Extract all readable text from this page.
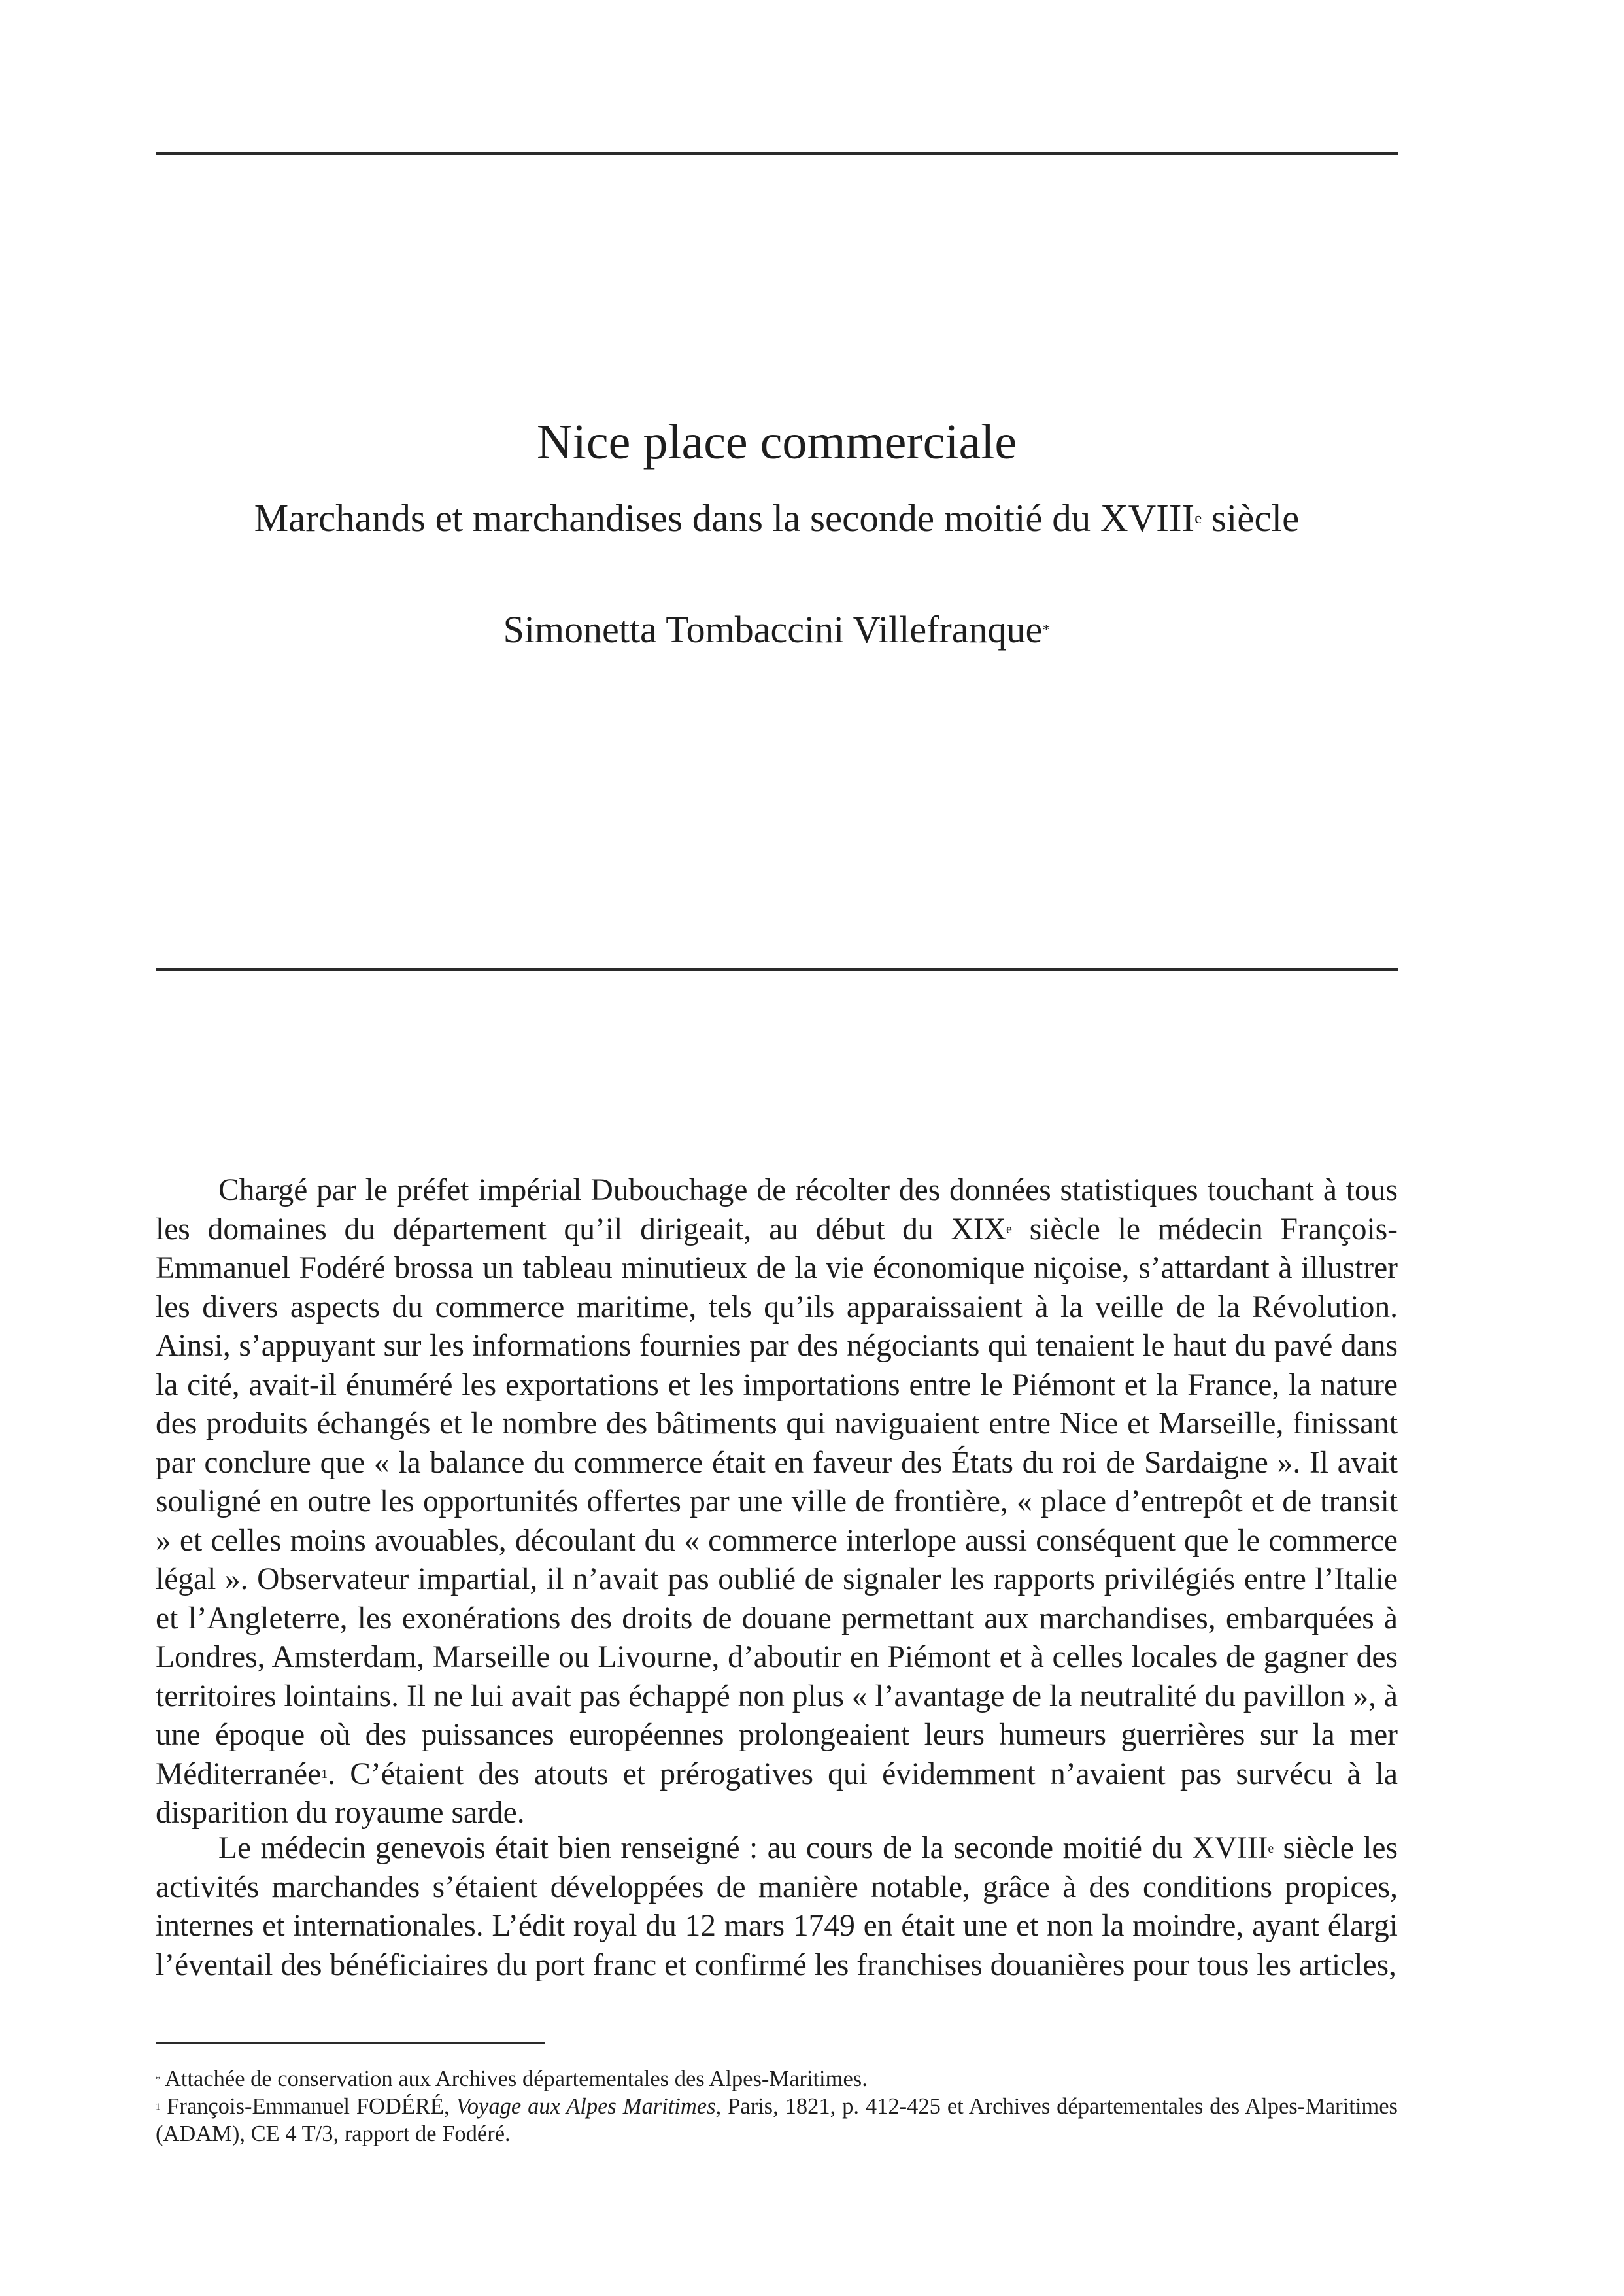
Nice place commerciale
Marchands et marchandises dans la seconde moitié du XVIIIe siècle
Simonetta Tombaccini Villefranque*

Chargé par le préfet impérial Dubouchage de récolter des données statistiques touchant à tous les domaines du département qu’il dirigeait, au début du XIXe siècle le médecin François-Emmanuel Fodéré brossa un tableau minutieux de la vie économique niçoise, s’attardant à illustrer les divers aspects du commerce maritime, tels qu’ils apparaissaient à la veille de la Révolution. Ainsi, s’appuyant sur les informations fournies par des négociants qui tenaient le haut du pavé dans la cité, avait-il énuméré les exportations et les importations entre le Piémont et la France, la nature des produits échangés et le nombre des bâtiments qui naviguaient entre Nice et Marseille, finissant par conclure que « la balance du commerce était en faveur des États du roi de Sardaigne ». Il avait souligné en outre les opportunités offertes par une ville de frontière, « place d’entrepôt et de transit » et celles moins avouables, découlant du « commerce interlope aussi conséquent que le commerce légal ». Observateur impartial, il n’avait pas oublié de signaler les rapports privilégiés entre l’Italie et l’Angleterre, les exonérations des droits de douane permettant aux marchandises, embarquées à Londres, Amsterdam, Marseille ou Livourne, d’aboutir en Piémont et à celles locales de gagner des territoires lointains. Il ne lui avait pas échappé non plus « l’avantage de la neutralité du pavillon », à une époque où des puissances européennes prolongeaient leurs humeurs guerrières sur la mer Méditerranée$^1$. C’étaient des atouts et prérogatives qui évidemment n’avaient pas survécu à la disparition du royaume sarde.

Le médecin genevois était bien renseigné : au cours de la seconde moitié du XVIIIe siècle les activités marchandes s’étaient développées de manière notable, grâce à des conditions propices, internes et internationales. L’édit royal du 12 mars 1749 en était une et non la moindre, ayant élargi l’éventail des bénéficiaires du port franc et confirmé les franchises douanières pour tous les articles,

* Attachée de conservation aux Archives départementales des Alpes-Maritimes.

$^1$ François-Emmanuel FODÉRÉ, Voyage aux Alpes Maritimes, Paris, 1821, p. 412-425 et Archives départementales des Alpes-Maritimes (ADAM), CE 4 T/3, rapport de Fodéré.
